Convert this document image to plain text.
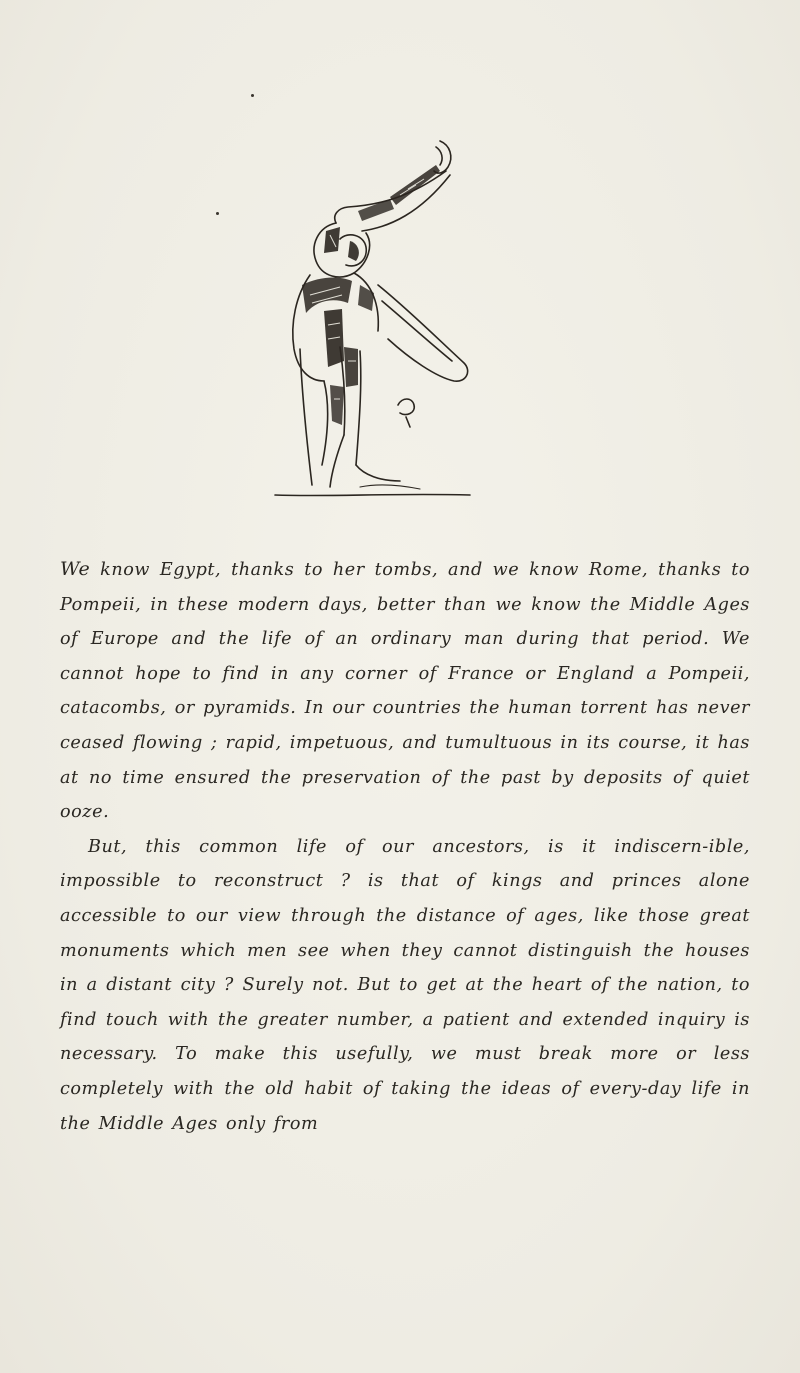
We know Egypt, thanks to her tombs, and we know Rome, thanks to Pompeii, in these modern days, better than we know the Middle Ages of Europe and the life of an ordinary man during that period. We cannot hope to find in any corner of France or England a Pompeii, catacombs, or pyramids. In our countries the human torrent has never ceased flowing ; rapid, impetuous, and tumultuous in its course, it has at no time ensured the preservation of the past by deposits of quiet ooze.

But, this common life of our ancestors, is it indiscern-ible, impossible to reconstruct ? is that of kings and princes alone accessible to our view through the distance of ages, like those great monuments which men see when they cannot distinguish the houses in a distant city ? Surely not. But to get at the heart of the nation, to find touch with the greater number, a patient and extended inquiry is necessary. To make this usefully, we must break more or less completely with the old habit of taking the ideas of every-day life in the Middle Ages only from
